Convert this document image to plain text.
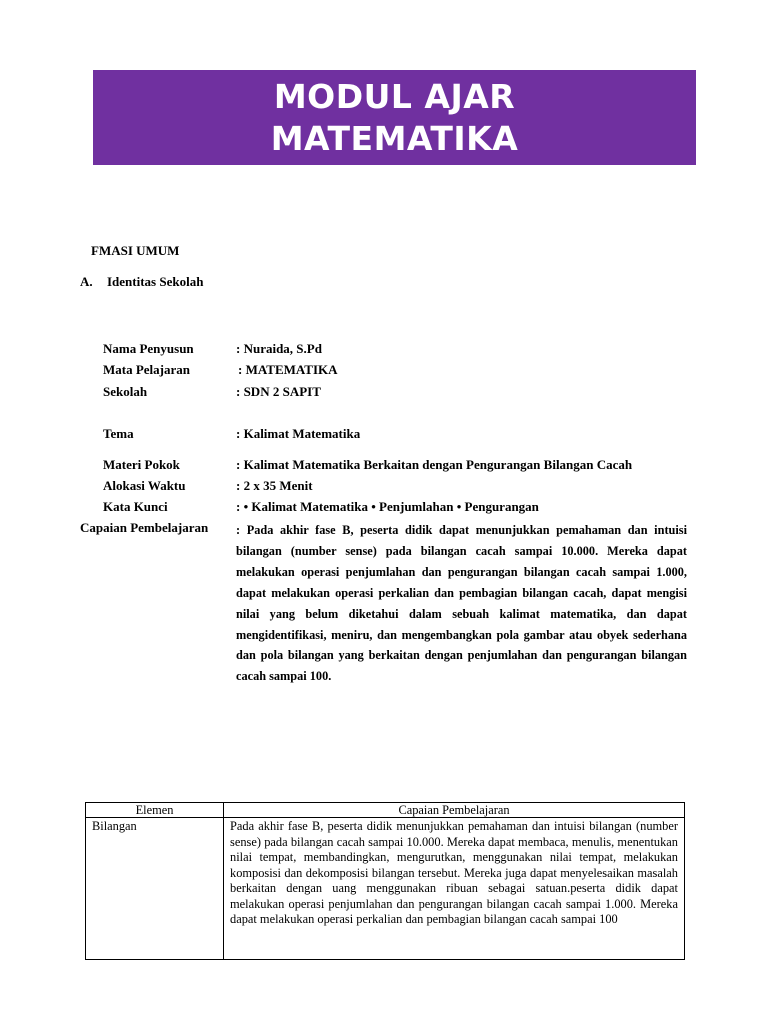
MODUL AJAR
MATEMATIKA
FMASI UMUM
A. Identitas Sekolah
Nama Penyusun	: Nuraida, S.Pd
Mata Pelajaran	: MATEMATIKA
Sekolah	: SDN 2 SAPIT
Tema	: Kalimat Matematika
Materi Pokok	: Kalimat Matematika Berkaitan dengan Pengurangan Bilangan Cacah
Alokasi Waktu	: 2 x 35 Menit
Kata Kunci	: • Kalimat Matematika • Penjumlahan • Pengurangan
Capaian Pembelajaran : Pada akhir fase B, peserta didik dapat menunjukkan pemahaman dan intuisi bilangan (number sense) pada bilangan cacah sampai 10.000. Mereka dapat melakukan operasi penjumlahan dan pengurangan bilangan cacah sampai 1.000, dapat melakukan operasi perkalian dan pembagian bilangan cacah, dapat mengisi nilai yang belum diketahui dalam sebuah kalimat matematika, dan dapat mengidentifikasi, meniru, dan mengembangkan pola gambar atau obyek sederhana dan pola bilangan yang berkaitan dengan penjumlahan dan pengurangan bilangan cacah sampai 100.
Elemen	Capaian Pembelajaran

Bilangan	Pada akhir fase B, peserta didik menunjukkan pemahaman dan intuisi bilangan (number sense) pada bilangan cacah sampai 10.000. Mereka dapat membaca, menulis, menentukan nilai tempat, membandingkan, mengurutkan, menggunakan nilai tempat, melakukan komposisi dan dekomposisi bilangan tersebut. Mereka juga dapat menyelesaikan masalah berkaitan dengan uang menggunakan ribuan sebagai satuan.peserta didik dapat melakukan operasi penjumlahan dan pengurangan bilangan cacah sampai 1.000. Mereka dapat melakukan operasi perkalian dan pembagian bilangan cacah sampai 100
